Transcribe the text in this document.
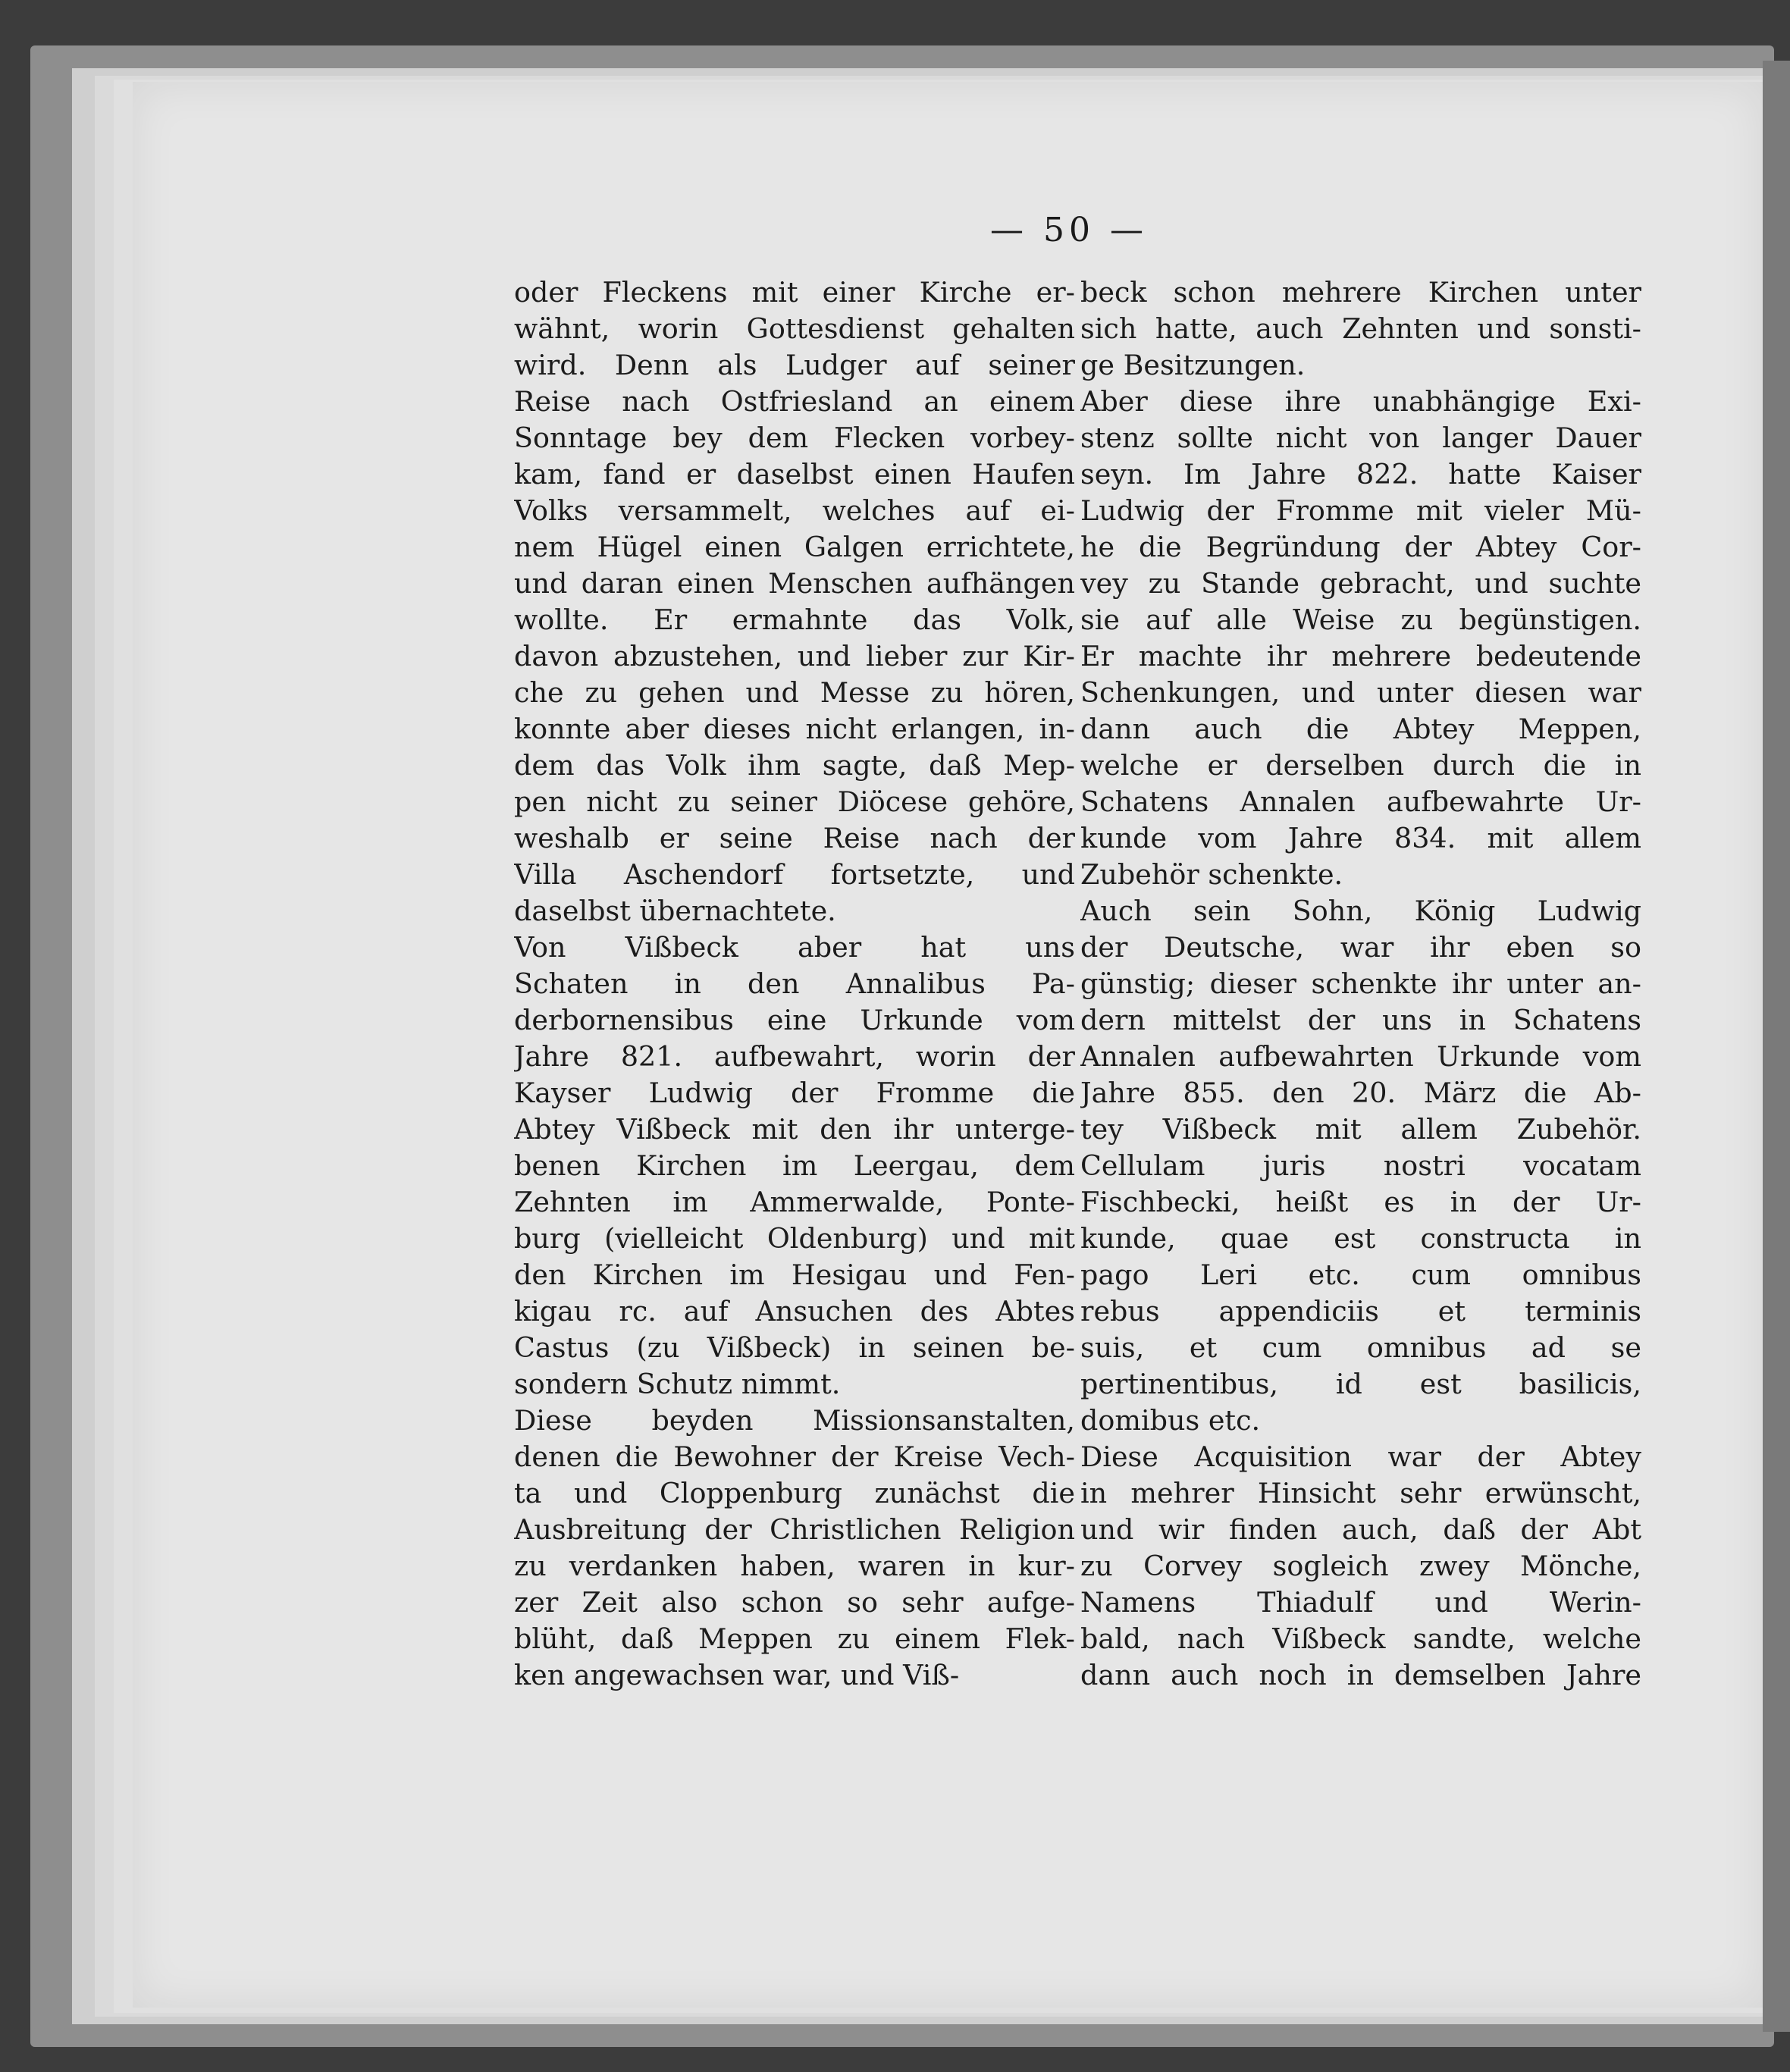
— 50 —
oder Fleckens mit einer Kirche er-
wähnt, worin Gottesdienst gehalten
wird. Denn als Ludger auf seiner
Reise nach Ostfriesland an einem
Sonntage bey dem Flecken vorbey-
kam, fand er daselbst einen Haufen
Volks versammelt, welches auf ei-
nem Hügel einen Galgen errichtete,
und daran einen Menschen aufhängen
wollte. Er ermahnte das Volk,
davon abzustehen, und lieber zur Kir-
che zu gehen und Messe zu hören,
konnte aber dieses nicht erlangen, in-
dem das Volk ihm sagte, daß Mep-
pen nicht zu seiner Diöcese gehöre,
weshalb er seine Reise nach der
Villa Aschendorf fortsetzte, und
daselbst übernachtete.
Von Vißbeck aber hat uns
Schaten in den Annalibus Pa-
derbornensibus eine Urkunde vom
Jahre 821. aufbewahrt, worin der
Kayser Ludwig der Fromme die
Abtey Vißbeck mit den ihr unterge-
benen Kirchen im Leergau, dem
Zehnten im Ammerwalde, Ponte-
burg (vielleicht Oldenburg) und mit
den Kirchen im Hesigau und Fen-
kigau rc. auf Ansuchen des Abtes
Castus (zu Vißbeck) in seinen be-
sondern Schutz nimmt.
Diese beyden Missionsanstalten,
denen die Bewohner der Kreise Vech-
ta und Cloppenburg zunächst die
Ausbreitung der Christlichen Religion
zu verdanken haben, waren in kur-
zer Zeit also schon so sehr aufge-
blüht, daß Meppen zu einem Flek-
ken angewachsen war, und Viß-
beck schon mehrere Kirchen unter
sich hatte, auch Zehnten und sonsti-
ge Besitzungen.
Aber diese ihre unabhängige Exi-
stenz sollte nicht von langer Dauer
seyn. Im Jahre 822. hatte Kaiser
Ludwig der Fromme mit vieler Mü-
he die Begründung der Abtey Cor-
vey zu Stande gebracht, und suchte
sie auf alle Weise zu begünstigen.
Er machte ihr mehrere bedeutende
Schenkungen, und unter diesen war
dann auch die Abtey Meppen,
welche er derselben durch die in
Schatens Annalen aufbewahrte Ur-
kunde vom Jahre 834. mit allem
Zubehör schenkte.
Auch sein Sohn, König Ludwig
der Deutsche, war ihr eben so
günstig; dieser schenkte ihr unter an-
dern mittelst der uns in Schatens
Annalen aufbewahrten Urkunde vom
Jahre 855. den 20. März die Ab-
tey Vißbeck mit allem Zubehör.
Cellulam juris nostri vocatam
Fischbecki, heißt es in der Ur-
kunde, quae est constructa in
pago Leri etc. cum omnibus
rebus appendiciis et terminis
suis, et cum omnibus ad se
pertinentibus, id est basilicis,
domibus etc.
Diese Acquisition war der Abtey
in mehrer Hinsicht sehr erwünscht,
und wir finden auch, daß der Abt
zu Corvey sogleich zwey Mönche,
Namens Thiadulf und Werin-
bald, nach Vißbeck sandte, welche
dann auch noch in demselben Jahre
